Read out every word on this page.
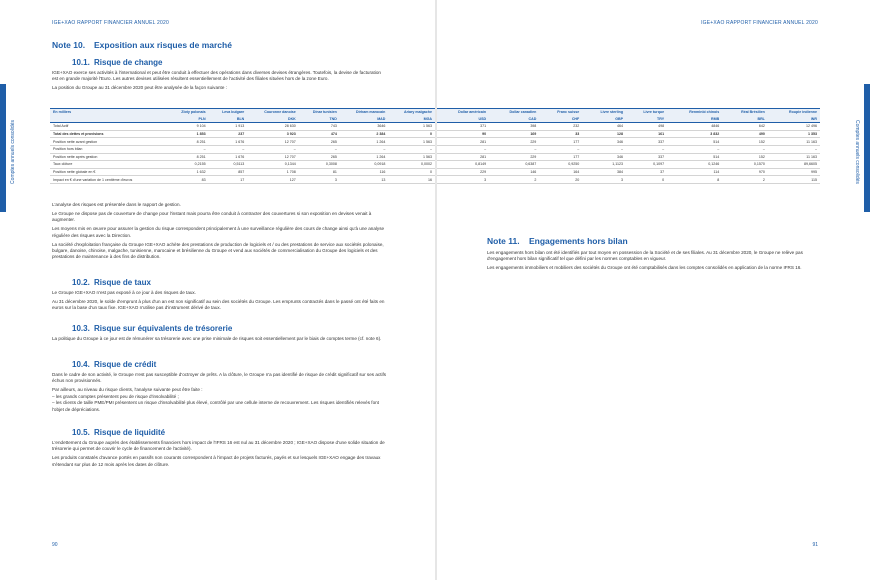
IGE+XAO RAPPORT FINANCIER ANNUEL 2020
Comptes annuels consolidés
Note 10. Exposition aux risques de marché
10.1. Risque de change

IGE+XAO exerce ses activités à l'international et peut être conduit à effectuer des opérations dans diverses devises étrangères. Toutefois, la devise de facturation est en grande majorité l'Euro. Les autres devises utilisées résultent essentiellement de l'activité des filiales situées hors de la zone Euro.

La position du Groupe au 31 décembre 2020 peut être analysée de la façon suivante :

En milliers	Zloty polonais	Leva bulgare	Couronne danoise	Dinar tunisien	Dirham marocain	Ariary malgache
	PLN	BLN	DKK	TND	MAD	MGA
Total Actif	9 104	1 913	28 630	743	3646	1 563
Total des dettes et provisions	1 853	237	3 923	474	2 384	0
Position nette avant gestion	8 251	1 676	12 707	265	1 264	1 563
Position hors bilan	–	–	–	–	–	–
Position nette après gestion	8 251	1 676	12 707	265	1 264	1 563
Taux clôture	0,2155	0,5113	0,1344	0,3008	0,0918	0,0002
Position nette globale en €	1 632	857	1 708	81	116	0
Impact en € d'une variation de 1 centième d'euros	83	17	127	3	13	16

L'analyse des risques est présentée dans le rapport de gestion.

Le Groupe ne dispose pas de couverture de change pour l'instant mais pourra être conduit à contracter des couvertures si son exposition en devises venait à augmenter.

Les moyens mis en œuvre pour assurer la gestion du risque correspondent principalement à une surveillance régulière des cours de change ainsi qu'à une analyse régulière des risques avec la Direction.

La société d'exploitation française du Groupe IGE+XAO achète des prestations de production de logiciels et / ou des prestations de service aux sociétés polonaise, bulgare, danoise, chinoise, malgache, tunisienne, marocaine et brésilienne du Groupe et vend aux sociétés de commercialisation du Groupe des logiciels et des prestations de maintenance à des fins de distribution.

10.2. Risque de taux

Le Groupe IGE+XAO n'est pas exposé à ce jour à des risques de taux.

Au 31 décembre 2020, le solde d'emprunt à plus d'un an est non significatif au sein des sociétés du Groupe. Les emprunts contractés dans le passé ont été faits en euros sur la base d'un taux fixe. IGE+XAO n'utilise pas d'instrument dérivé de taux.

10.3. Risque sur équivalents de trésorerie

La politique du Groupe à ce jour est de rémunérer sa trésorerie avec une prise minimale de risques soit essentiellement par le biais de comptes terme (cf. note 6).

10.4. Risque de crédit

Dans le cadre de son activité, le Groupe n'est pas susceptible d'octroyer de prêts. A la clôture, le Groupe n'a pas identifié de risque de crédit significatif sur ses actifs échus non provisionnés.

Par ailleurs, au niveau du risque clients, l'analyse suivante peut être faite :

– les grands comptes présentent peu de risque d'insolvabilité ;

– les clients de taille PME/PMI présentent un risque d'insolvabilité plus élevé, contrôlé par une cellule interne de recouvrement. Les risques identifiés relevés font l'objet de dépréciations.

10.5. Risque de liquidité

L'endettement du Groupe auprès des établissements financiers hors impact de l'IFRS 16 est nul au 31 décembre 2020 ; IGE+XAO dispose d'une solide situation de trésorerie qui permet de couvrir le cycle de financement de l'activité).

Les produits constatés d'avance portés en passifs non courants correspondent à l'impact de projets facturés, payés et sur lesquels IGE+XAO engage des travaux s'étendant sur plus de 12 mois après les dates de clôture.

90
IGE+XAO RAPPORT FINANCIER ANNUEL 2020
Comptes annuels consolidés
Dollar américain	Dollar canadien	Franc suisse	Livre sterling	Livre turque	Renminbi chinois	Réal Brésilien	Roupie indienne
USD	CAD	CHF	GBP	TRY	RMB	BRL	INR
371	398	232	464	498	4846	642	12 496
90	169	33	128	161	3 832	490	1 353
281	229	177	346	337	514	152	11 163
–	–	–	–	–	–	–	–
281	229	177	346	337	514	152	11 163
0,8149	0,6387	0,9250	1,1123	0,1097	0,1246	0,1570	89,6605
229	146	164	384	37	114	970	995
3	2	20	3	0	8	2	115
Note 11. Engagements hors bilan

Les engagements hors bilan ont été identifiés par tout moyen en possession de la Société et de ses filiales. Au 31 décembre 2020, le Groupe ne relève pas d'engagement hors bilan significatif tel que défini par les normes comptables en vigueur.

Les engagements immobiliers et mobiliers des sociétés du Groupe ont été comptabilisés dans les comptes consolidés en application de la norme IFRS 16.

91
